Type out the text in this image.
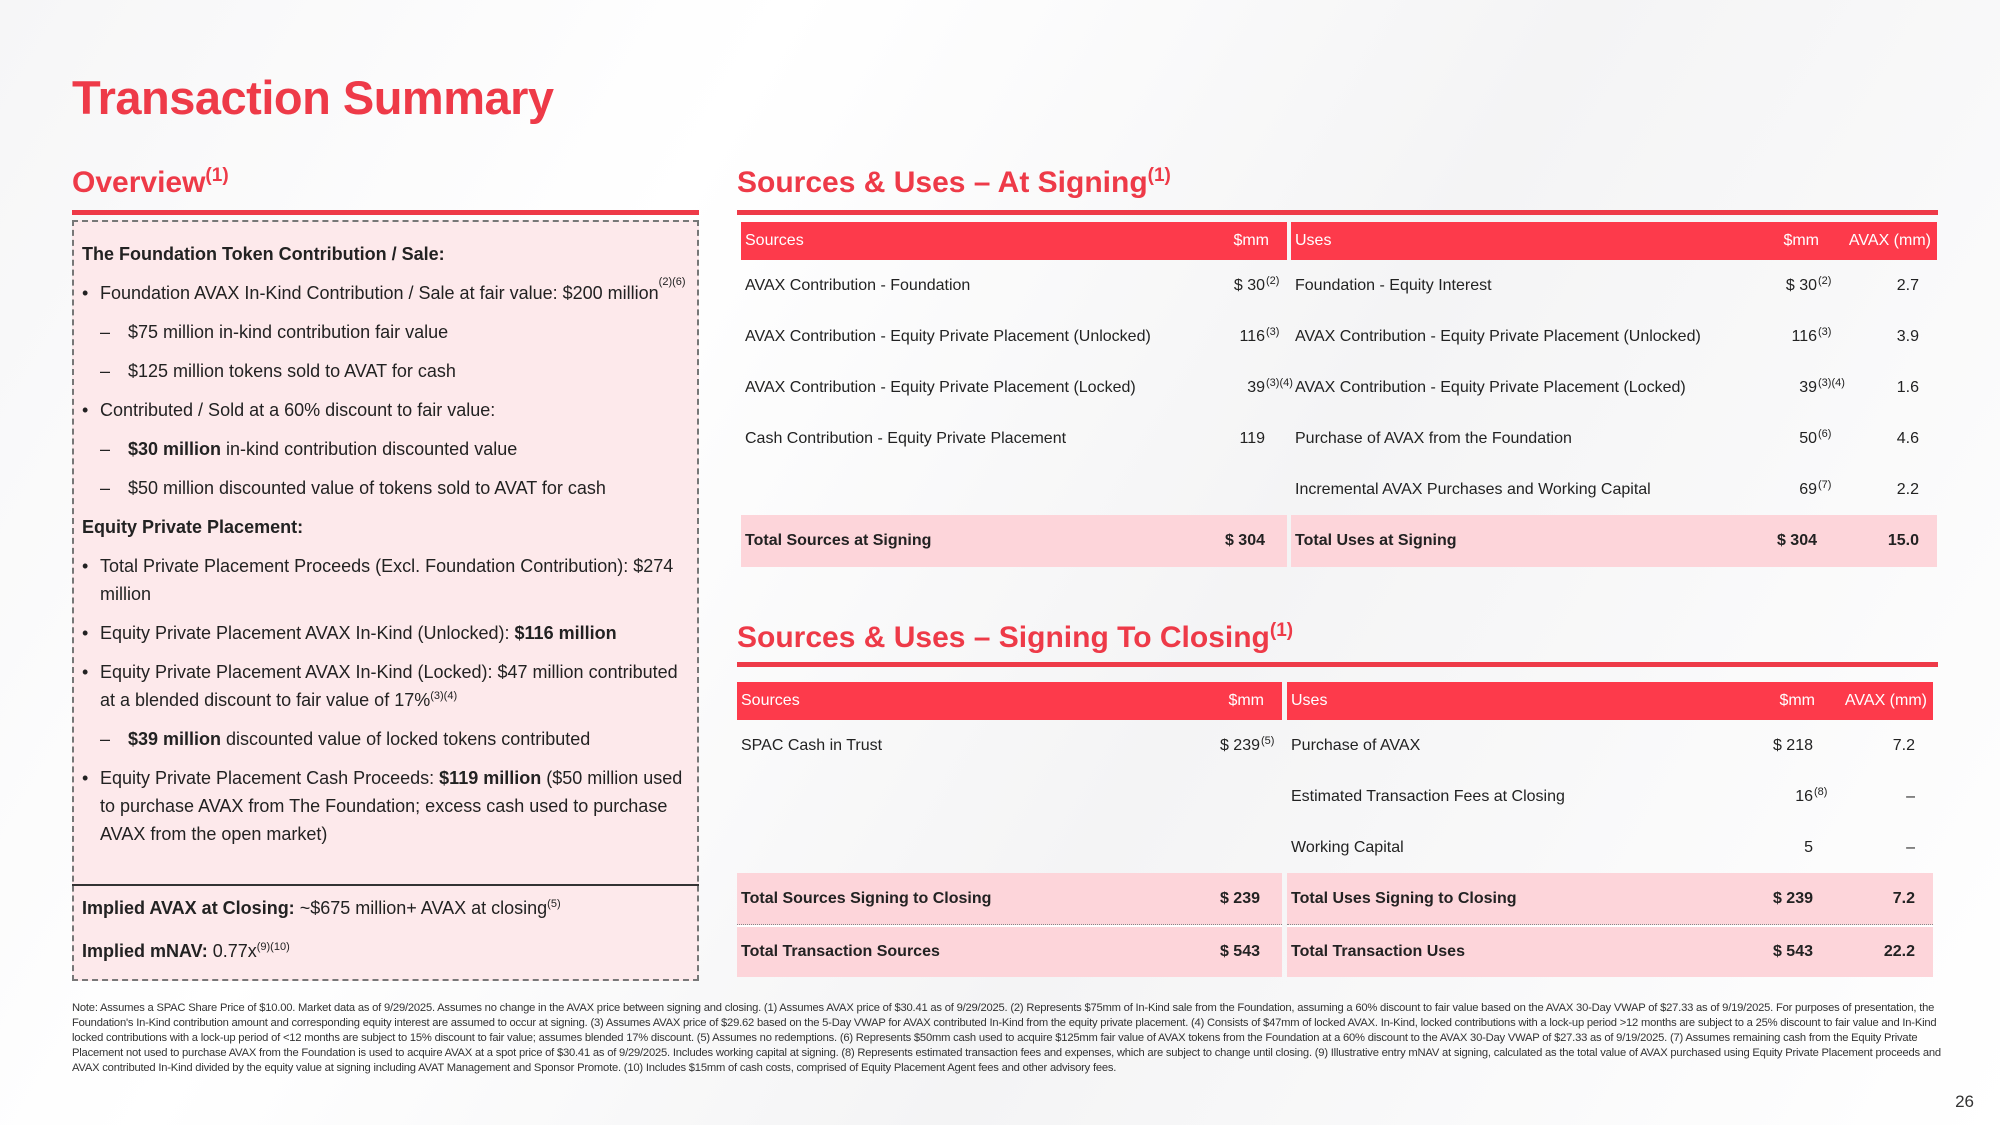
Transaction Summary
Overview$^{(1)}$
The Foundation Token Contribution / Sale:
• Foundation AVAX In-Kind Contribution / Sale at fair value: $200 million$^{(2)(6)}$
– $75 million in-kind contribution fair value
– $125 million tokens sold to AVAT for cash
• Contributed / Sold at a 60% discount to fair value:
– $30 million in-kind contribution discounted value
– $50 million discounted value of tokens sold to AVAT for cash
Equity Private Placement:
• Total Private Placement Proceeds (Excl. Foundation Contribution): $274 million
• Equity Private Placement AVAX In-Kind (Unlocked): $116 million
• Equity Private Placement AVAX In-Kind (Locked): $47 million contributed at a blended discount to fair value of 17%$^{(3)(4)}$
– $39 million discounted value of locked tokens contributed
• Equity Private Placement Cash Proceeds: $119 million ($50 million used to purchase AVAX from The Foundation; excess cash used to purchase AVAX from the open market)
Implied AVAX at Closing: ~$675 million+ AVAX at closing$^{(5)}$
Implied mNAV: $0.77x^{(9)(10)}$
Sources & Uses – At Signing$^{(1)}$
Sources	$mm
AVAX Contribution - Foundation	$ 30 (2)
AVAX Contribution - Equity Private Placement (Unlocked)	116 (3)
AVAX Contribution - Equity Private Placement (Locked)	39 (3)(4)
Cash Contribution - Equity Private Placement	119
Total Sources at Signing	$ 304
Uses	$mm AVAX (mm)
Foundation - Equity Interest	$ 30 (2)	2.7
AVAX Contribution - Equity Private Placement (Unlocked)	116 (3)	3.9
AVAX Contribution - Equity Private Placement (Locked)	39 (3)(4)	1.6
Purchase of AVAX from the Foundation	50 (6)	4.6
Incremental AVAX Purchases and Working Capital	69 (7)	2.2
Total Uses at Signing	$ 304	15.0
Sources & Uses – Signing To Closing$^{(1)}$
Sources	$mm
SPAC Cash in Trust	$ 239 (5)
Total Sources Signing to Closing	$ 239
Total Transaction Sources	$ 543
Uses	$mm AVAX (mm)
Purchase of AVAX	$ 218	7.2
Estimated Transaction Fees at Closing	16 (8)	–
Working Capital	5	–
Total Uses Signing to Closing	$ 239	7.2
Total Transaction Uses	$ 543	22.2
Note: Assumes a SPAC Share Price of $10.00. Market data as of 9/29/2025. Assumes no change in the AVAX price between signing and closing. (1) Assumes AVAX price of $30.41 as of 9/29/2025. (2) Represents $75mm of In-Kind sale from the Foundation, assuming a 60% discount to fair value based on the AVAX 30-Day VWAP of $27.33 as of 9/19/2025. For purposes of presentation, the Foundation's In-Kind contribution amount and corresponding equity interest are assumed to occur at signing. (3) Assumes AVAX price of $29.62 based on the 5-Day VWAP for AVAX contributed In-Kind from the equity private placement. (4) Consists of $47mm of locked AVAX. In-Kind, locked contributions with a lock-up period >12 months are subject to a 25% discount to fair value and In-Kind locked contributions with a lock-up period of <12 months are subject to 15% discount to fair value; assumes blended 17% discount. (5) Assumes no redemptions. (6) Represents $50mm cash used to acquire $125mm fair value of AVAX tokens from the Foundation at a 60% discount to the AVAX 30-Day VWAP of $27.33 as of 9/19/2025. (7) Assumes remaining cash from the Equity Private Placement not used to purchase AVAX from the Foundation is used to acquire AVAX at a spot price of $30.41 as of 9/29/2025. Includes working capital at signing. (8) Represents estimated transaction fees and expenses, which are subject to change until closing. (9) Illustrative entry mNAV at signing, calculated as the total value of AVAX purchased using Equity Private Placement proceeds and AVAX contributed In-Kind divided by the equity value at signing including AVAT Management and Sponsor Promote. (10) Includes $15mm of cash costs, comprised of Equity Placement Agent fees and other advisory fees.
26
